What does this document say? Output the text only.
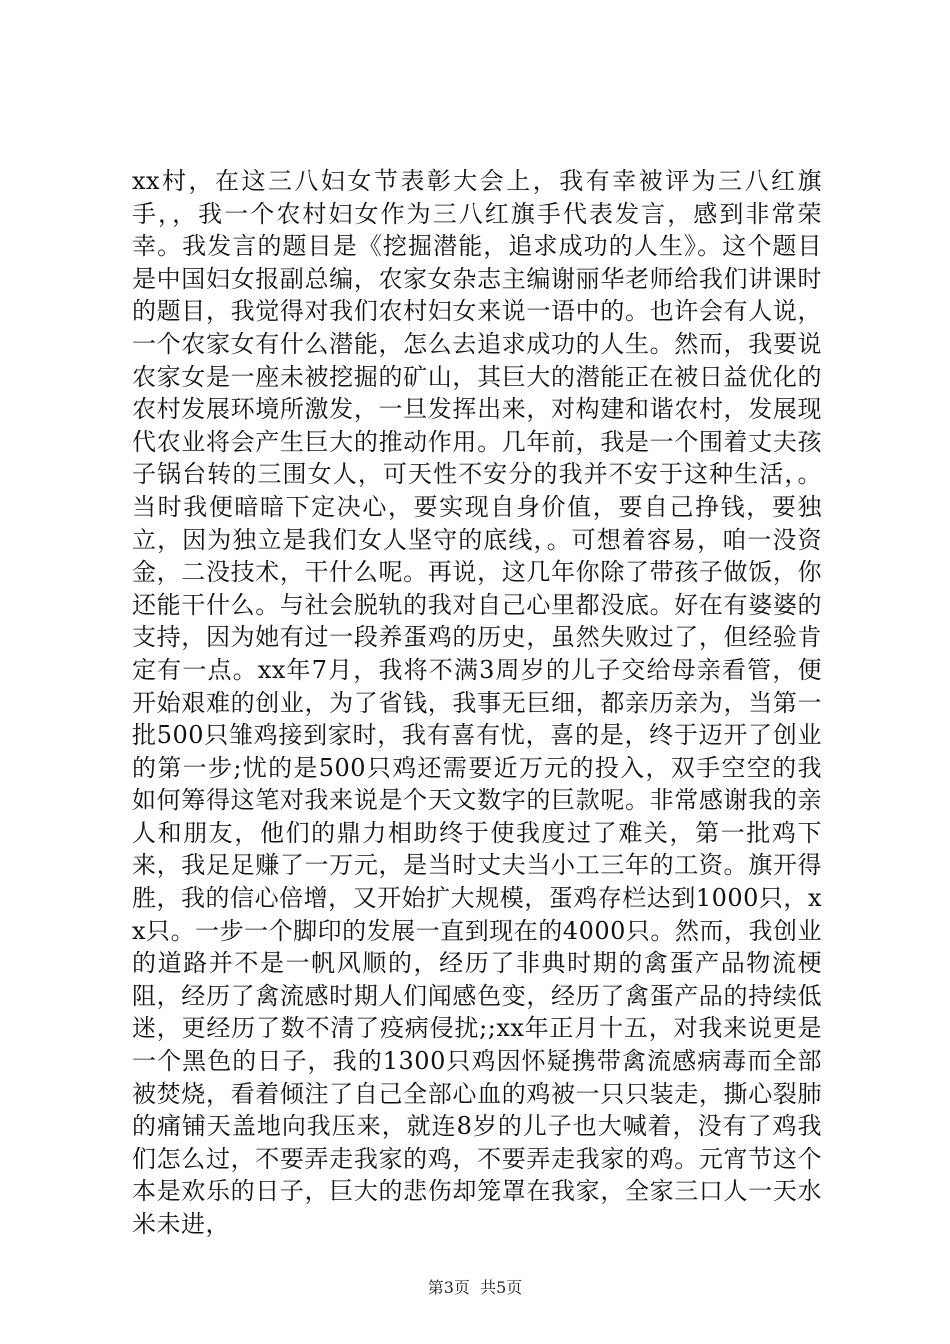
xx村，在这三八妇女节表彰大会上，我有幸被评为三八红旗手，，我一个农村妇女作为三八红旗手代表发言，感到非常荣幸。我发言的题目是《挖掘潜能，追求成功的人生》。这个题目是中国妇女报副总编，农家女杂志主编谢丽华老师给我们讲课时的题目，我觉得对我们农村妇女来说一语中的。也许会有人说，一个农家女有什么潜能，怎么去追求成功的人生。然而，我要说农家女是一座未被挖掘的矿山，其巨大的潜能正在被日益优化的农村发展环境所激发，一旦发挥出来，对构建和谐农村，发展现代农业将会产生巨大的推动作用。几年前，我是一个围着丈夫孩子锅台转的三围女人，可天性不安分的我并不安于这种生活，。当时我便暗暗下定决心，要实现自身价值，要自己挣钱，要独立，因为独立是我们女人坚守的底线，。可想着容易，咱一没资金，二没技术，干什么呢。再说，这几年你除了带孩子做饭，你还能干什么。与社会脱轨的我对自己心里都没底。好在有婆婆的支持，因为她有过一段养蛋鸡的历史，虽然失败过了，但经验肯定有一点。xx年7月，我将不满3周岁的儿子交给母亲看管，便开始艰难的创业，为了省钱，我事无巨细，都亲历亲为，当第一批500只雏鸡接到家时，我有喜有忧，喜的是，终于迈开了创业的第一步;忧的是500只鸡还需要近万元的投入，双手空空的我如何筹得这笔对我来说是个天文数字的巨款呢。非常感谢我的亲人和朋友，他们的鼎力相助终于使我度过了难关，第一批鸡下来，我足足赚了一万元，是当时丈夫当小工三年的工资。旗开得胜，我的信心倍增，又开始扩大规模，蛋鸡存栏达到1000只，xx只。一步一个脚印的发展一直到现在的4000只。然而，我创业的道路并不是一帆风顺的，经历了非典时期的禽蛋产品物流梗阻，经历了禽流感时期人们闻感色变，经历了禽蛋产品的持续低迷，更经历了数不清了疫病侵扰;;xx年正月十五，对我来说更是一个黑色的日子，我的1300只鸡因怀疑携带禽流感病毒而全部被焚烧，看着倾注了自己全部心血的鸡被一只只装走，撕心裂肺的痛铺天盖地向我压来，就连8岁的儿子也大喊着，没有了鸡我们怎么过，不要弄走我家的鸡，不要弄走我家的鸡。元宵节这个本是欢乐的日子，巨大的悲伤却笼罩在我家，全家三口人一天水米未进，

第3页  共5页
